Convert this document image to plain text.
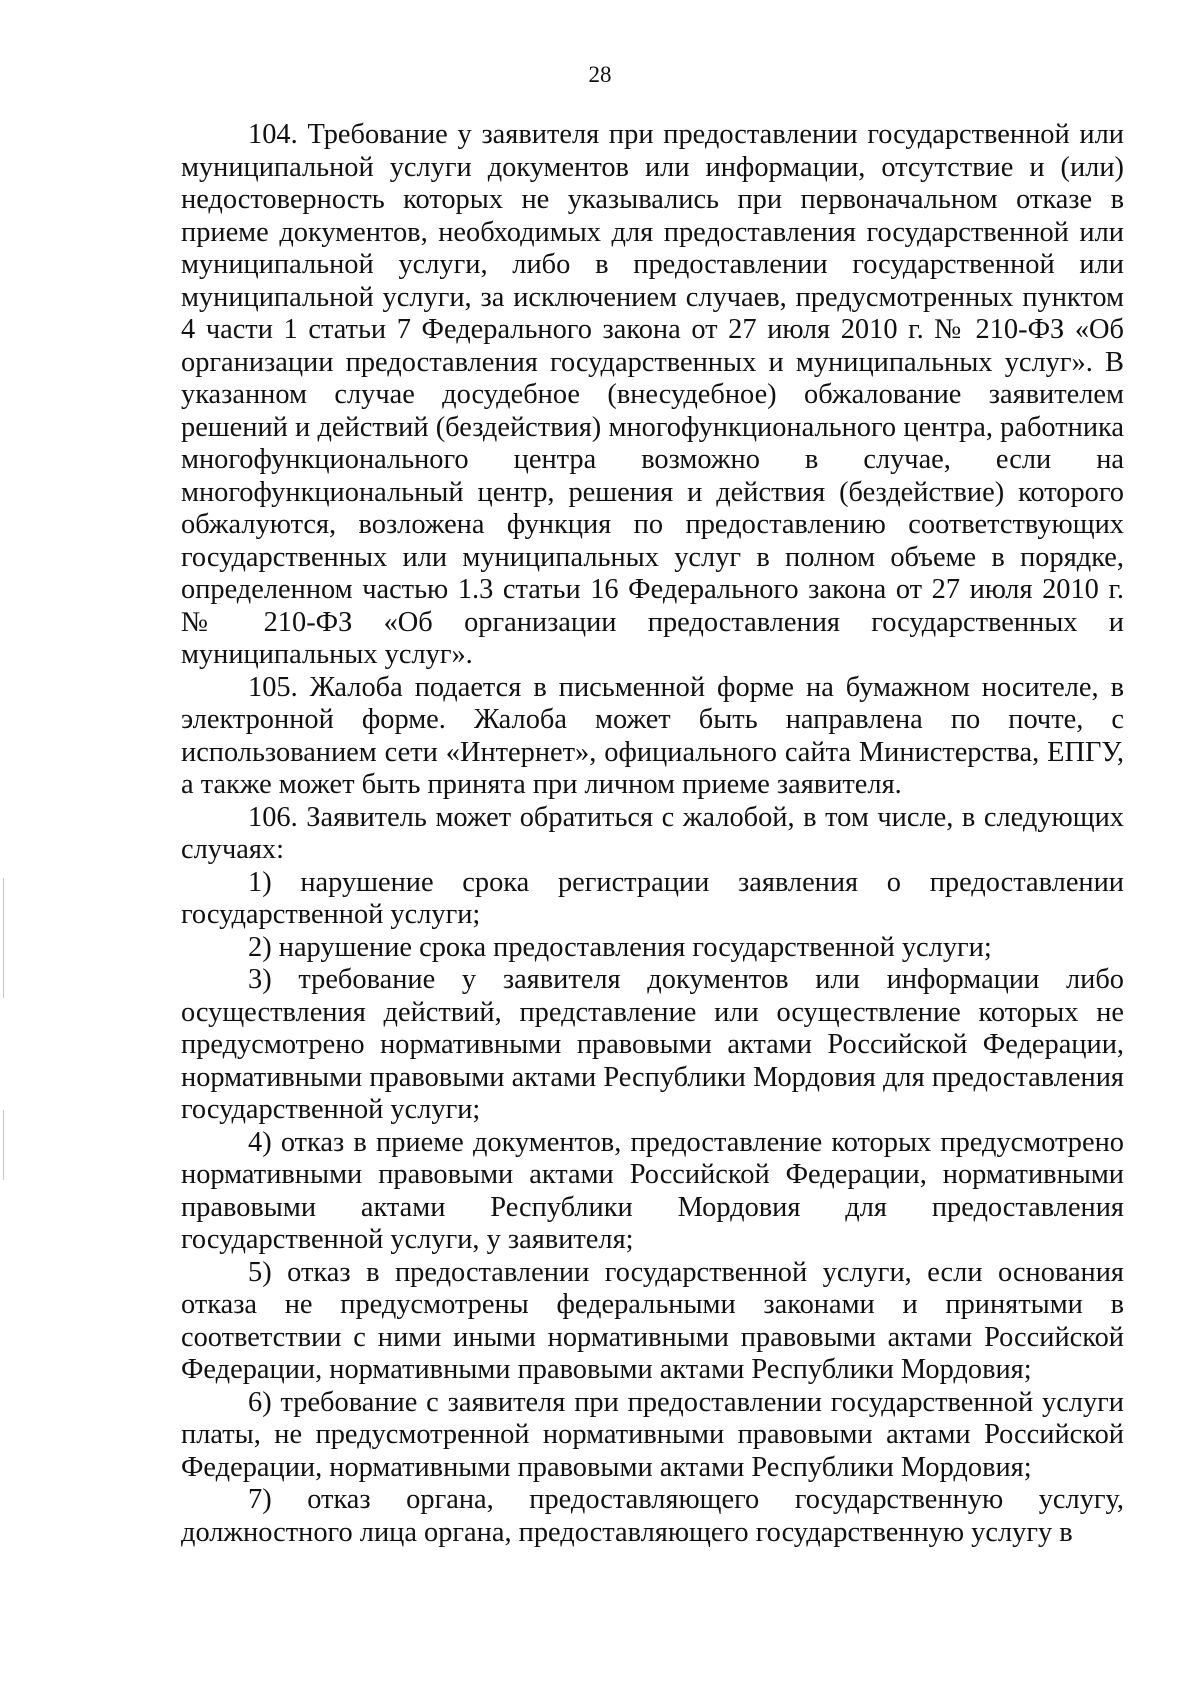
28

104. Требование у заявителя при предоставлении государственной или муниципальной услуги документов или информации, отсутствие и (или) недостоверность которых не указывались при первоначальном отказе в приеме документов, необходимых для предоставления государственной или муниципальной услуги, либо в предоставлении государственной или муниципальной услуги, за исключением случаев, предусмотренных пунктом 4 части 1 статьи 7 Федерального закона от 27 июля 2010 г. № 210-ФЗ «Об организации предоставления государственных и муниципальных услуг». В указанном случае досудебное (внесудебное) обжалование заявителем решений и действий (бездействия) многофункционального центра, работника многофункционального центра возможно в случае, если на многофункциональный центр, решения и действия (бездействие) которого обжалуются, возложена функция по предоставлению соответствующих государственных или муниципальных услуг в полном объеме в порядке, определенном частью 1.3 статьи 16 Федерального закона от 27 июля 2010 г. № 210-ФЗ «Об организации предоставления государственных и муниципальных услуг».

105. Жалоба подается в письменной форме на бумажном носителе, в электронной форме. Жалоба может быть направлена по почте, с использованием сети «Интернет», официального сайта Министерства, ЕПГУ, а также может быть принята при личном приеме заявителя.

106. Заявитель может обратиться с жалобой, в том числе, в следующих случаях:

1) нарушение срока регистрации заявления о предоставлении государственной услуги;

2) нарушение срока предоставления государственной услуги;

3) требование у заявителя документов или информации либо осуществления действий, представление или осуществление которых не предусмотрено нормативными правовыми актами Российской Федерации, нормативными правовыми актами Республики Мордовия для предоставления государственной услуги;

4) отказ в приеме документов, предоставление которых предусмотрено нормативными правовыми актами Российской Федерации, нормативными правовыми актами Республики Мордовия для предоставления государственной услуги, у заявителя;

5) отказ в предоставлении государственной услуги, если основания отказа не предусмотрены федеральными законами и принятыми в соответствии с ними иными нормативными правовыми актами Российской Федерации, нормативными правовыми актами Республики Мордовия;

6) требование с заявителя при предоставлении государственной услуги платы, не предусмотренной нормативными правовыми актами Российской Федерации, нормативными правовыми актами Республики Мордовия;

7) отказ органа, предоставляющего государственную услугу, должностного лица органа, предоставляющего государственную услугу в
